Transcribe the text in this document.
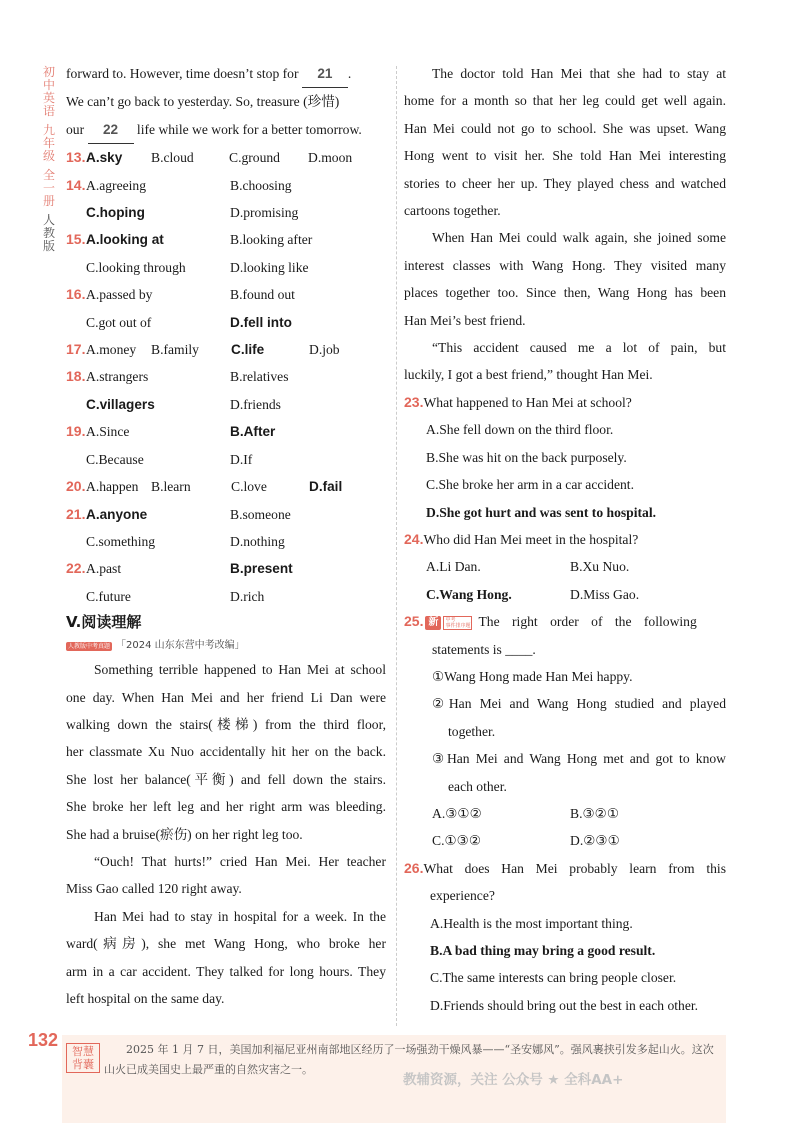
初
中
英
语
九
年
级
全
一
册
人
教
版
forward to. However, time doesn’t stop for 21 .
We can’t go back to yesterday. So, treasure (珍惜)
our 22 life while we work for a better tomorrow.
13. A.sky	B.cloud	C.ground	D.moon
14. A.agreeing	B.choosing
C.hoping	D.promising
15. A.looking at	B.looking after
C.looking through	D.looking like
16. A.passed by	B.found out
C.got out of	D.fell into
17. A.money	B.family	C.life	D.job
18. A.strangers	B.relatives
C.villagers	D.friends
19. A.Since	B.After
C.Because	D.If
20. A.happen B.learn	C.love	D.fail
21. A.anyone	B.someone
C.something	D.nothing
22. A.past	B.present
C.future	D.rich
V.阅读理解
人教版中考真题 「2024 山东东营中考改编」
Something terrible happened to Han Mei at school
one day. When Han Mei and her friend Li Dan were
walking down the stairs(楼梯) from the third floor,
her classmate Xu Nuo accidentally hit her on the back.
She lost her balance(平衡) and fell down the stairs.
She broke her left leg and her right arm was bleeding.
She had a bruise(瘀伤) on her right leg too.
“Ouch! That hurts!” cried Han Mei. Her teacher
Miss Gao called 120 right away.
Han Mei had to stay in hospital for a week. In the
ward(病房), she met Wang Hong, who broke her
arm in a car accident. They talked for long hours. They
left hospital on the same day.
The doctor told Han Mei that she had to stay at
home for a month so that her leg could get well again.
Han Mei could not go to school. She was upset. Wang
Hong went to visit her. She told Han Mei interesting
stories to cheer her up. They played chess and watched
cartoons together.
When Han Mei could walk again, she joined some
interest classes with Wang Hong. They visited many
places together too. Since then, Wang Hong has been
Han Mei’s best friend.
“This accident caused me a lot of pain, but
luckily, I got a best friend,” thought Han Mei.
23.What happened to Han Mei at school?
A.She fell down on the third floor.
B.She was hit on the back purposely.
C.She broke her arm in a car accident.
D.She got hurt and was sent to hospital.
24.Who did Han Mei meet in the hospital?
A.Li Dan.	B.Xu Nuo.
C.Wang Hong.	D.Miss Gao.
25. 新	中考
事件排序题 The right order of the following
statements is ____.
①Wang Hong made Han Mei happy.
②Han Mei and Wang Hong studied and played
together.
③Han Mei and Wang Hong met and got to know
each other.
A.③①②	B.③②①
C.①③②	D.②③①
26.What does Han Mei probably learn from this
experience?
A.Health is the most important thing.
B.A bad thing may bring a good result.
C.The same interests can bring people closer.
D.Friends should bring out the best in each other.
132
智慧背囊
2025 年 1 月 7 日，美国加利福尼亚州南部地区经历了一场强劲干燥风暴——“圣安娜风”。强风裹挟引发多起山火。这次山火已成美国史上最严重的自然灾害之一。
教辅资源，关注 公众号 ★ 全科AA+
